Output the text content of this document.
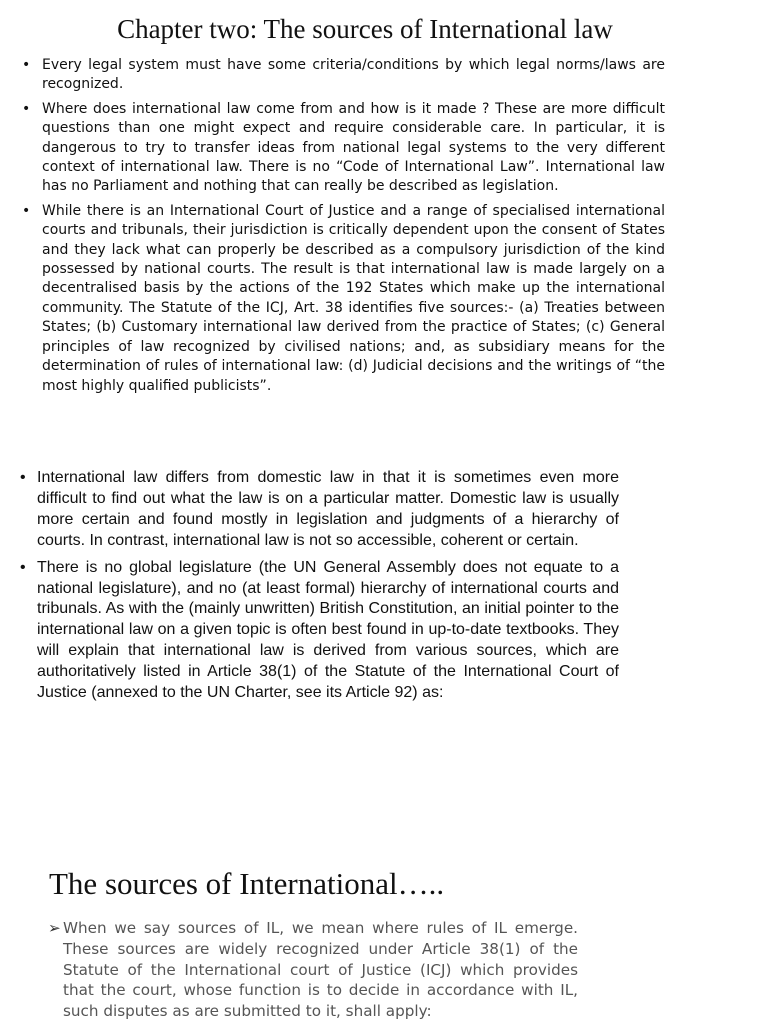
Chapter two: The sources of International law
• Every legal system must have some criteria/conditions by which legal norms/laws are recognized.
• Where does international law come from and how is it made ? These are more difficult questions than one might expect and require considerable care. In particular, it is dangerous to try to transfer ideas from national legal systems to the very different context of international law. There is no “Code of International Law”. International law has no Parliament and nothing that can really be described as legislation.
• While there is an International Court of Justice and a range of specialised international courts and tribunals, their jurisdiction is critically dependent upon the consent of States and they lack what can properly be described as a compulsory jurisdiction of the kind possessed by national courts. The result is that international law is made largely on a decentralised basis by the actions of the 192 States which make up the international community. The Statute of the ICJ, Art. 38 identifies five sources:- (a) Treaties between States; (b) Customary international law derived from the practice of States; (c) General principles of law recognized by civilised nations; and, as subsidiary means for the determination of rules of international law: (d) Judicial decisions and the writings of “the most highly qualified publicists”.
• International law differs from domestic law in that it is sometimes even more difficult to find out what the law is on a particular matter. Domestic law is usually more certain and found mostly in legislation and judgments of a hierarchy of courts. In contrast, international law is not so accessible, coherent or certain.
• There is no global legislature (the UN General Assembly does not equate to a national legislature), and no (at least formal) hierarchy of international courts and tribunals. As with the (mainly unwritten) British Constitution, an initial pointer to the international law on a given topic is often best found in up-to-date textbooks. They will explain that international law is derived from various sources, which are authoritatively listed in Article 38(1) of the Statute of the International Court of Justice (annexed to the UN Charter, see its Article 92) as:
The sources of International…..
➢ When we say sources of IL, we mean where rules of IL emerge. These sources are widely recognized under Article 38(1) of the Statute of the International court of Justice (ICJ) which provides that the court, whose function is to decide in accordance with IL, such disputes as are submitted to it, shall apply:
